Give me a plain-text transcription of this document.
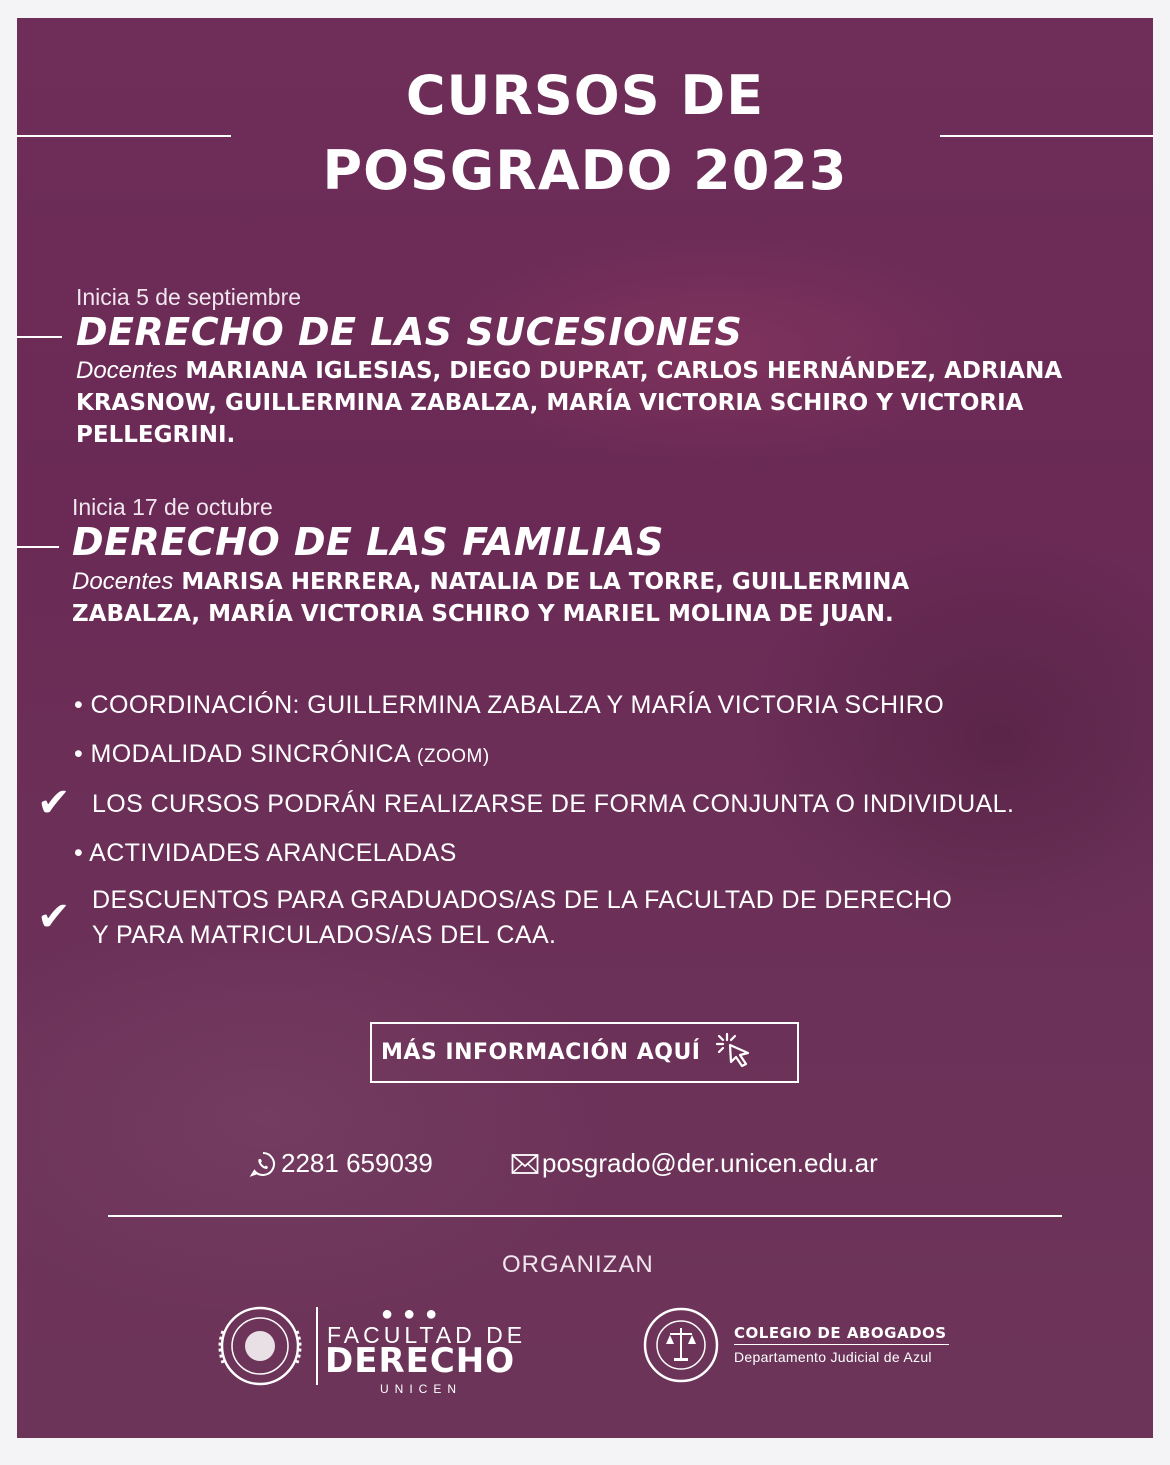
CURSOS DE
POSGRADO 2023
Inicia 5 de septiembre
DERECHO DE LAS SUCESIONES
Docentes MARIANA IGLESIAS, DIEGO DUPRAT, CARLOS HERNÁNDEZ, ADRIANA KRASNOW, GUILLERMINA ZABALZA, MARÍA VICTORIA SCHIRO Y VICTORIA PELLEGRINI.
Inicia 17 de octubre
DERECHO DE LAS FAMILIAS
Docentes MARISA HERRERA, NATALIA DE LA TORRE, GUILLERMINA ZABALZA, MARÍA VICTORIA SCHIRO Y MARIEL MOLINA DE JUAN.
• COORDINACIÓN: GUILLERMINA ZABALZA Y MARÍA VICTORIA SCHIRO
• MODALIDAD SINCRÓNICA (ZOOM)
✔ LOS CURSOS PODRÁN REALIZARSE DE FORMA CONJUNTA O INDIVIDUAL.
• ACTIVIDADES ARANCELADAS
✔ DESCUENTOS PARA GRADUADOS/AS DE LA FACULTAD DE DERECHO
Y PARA MATRICULADOS/AS DEL CAA.
MÁS INFORMACIÓN AQUÍ
2281 659039	posgrado@der.unicen.edu.ar
ORGANIZAN
●●●
FACULTAD DE
DERECHO
UNICEN
COLEGIO DE ABOGADOS
Departamento Judicial de Azul
